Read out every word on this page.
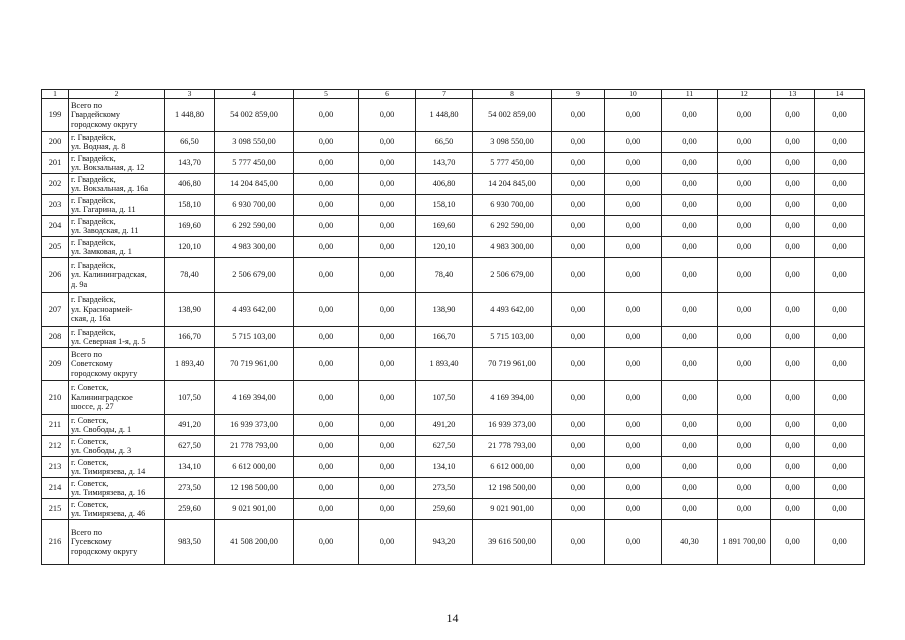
1	2	3	4	5	6	7	8	9	10	11	12	13	14
199	Всего по
Гвардейскому
городскому округу	1 448,80	54 002 859,00	0,00	0,00	1 448,80	54 002 859,00	0,00	0,00	0,00	0,00	0,00	0,00
200	г. Гвардейск,
ул. Водная, д. 8	66,50	3 098 550,00	0,00	0,00	66,50	3 098 550,00	0,00	0,00	0,00	0,00	0,00	0,00
201	г. Гвардейск,
ул. Вокзальная, д. 12	143,70	5 777 450,00	0,00	0,00	143,70	5 777 450,00	0,00	0,00	0,00	0,00	0,00	0,00
202	г. Гвардейск,
ул. Вокзальная, д. 16а	406,80	14 204 845,00	0,00	0,00	406,80	14 204 845,00	0,00	0,00	0,00	0,00	0,00	0,00
203	г. Гвардейск,
ул. Гагарина, д. 11	158,10	6 930 700,00	0,00	0,00	158,10	6 930 700,00	0,00	0,00	0,00	0,00	0,00	0,00
204	г. Гвардейск,
ул. Заводская, д. 11	169,60	6 292 590,00	0,00	0,00	169,60	6 292 590,00	0,00	0,00	0,00	0,00	0,00	0,00
205	г. Гвардейск,
ул. Замковая, д. 1	120,10	4 983 300,00	0,00	0,00	120,10	4 983 300,00	0,00	0,00	0,00	0,00	0,00	0,00
206	г. Гвардейск,
ул. Калининградская,
д. 9а	78,40	2 506 679,00	0,00	0,00	78,40	2 506 679,00	0,00	0,00	0,00	0,00	0,00	0,00
207	г. Гвардейск,
ул. Красноармей-
ская, д. 16а	138,90	4 493 642,00	0,00	0,00	138,90	4 493 642,00	0,00	0,00	0,00	0,00	0,00	0,00
208	г. Гвардейск,
ул. Северная 1-я, д. 5	166,70	5 715 103,00	0,00	0,00	166,70	5 715 103,00	0,00	0,00	0,00	0,00	0,00	0,00
209	Всего по
Советскому
городскому округу	1 893,40	70 719 961,00	0,00	0,00	1 893,40	70 719 961,00	0,00	0,00	0,00	0,00	0,00	0,00
210	г. Советск,
Калининградское
шоссе, д. 27	107,50	4 169 394,00	0,00	0,00	107,50	4 169 394,00	0,00	0,00	0,00	0,00	0,00	0,00
211	г. Советск,
ул. Свободы, д. 1	491,20	16 939 373,00	0,00	0,00	491,20	16 939 373,00	0,00	0,00	0,00	0,00	0,00	0,00
212	г. Советск,
ул. Свободы, д. 3	627,50	21 778 793,00	0,00	0,00	627,50	21 778 793,00	0,00	0,00	0,00	0,00	0,00	0,00
213	г. Советск,
ул. Тимирязева, д. 14	134,10	6 612 000,00	0,00	0,00	134,10	6 612 000,00	0,00	0,00	0,00	0,00	0,00	0,00
214	г. Советск,
ул. Тимирязева, д. 16	273,50	12 198 500,00	0,00	0,00	273,50	12 198 500,00	0,00	0,00	0,00	0,00	0,00	0,00
215	г. Советск,
ул. Тимирязева, д. 46	259,60	9 021 901,00	0,00	0,00	259,60	9 021 901,00	0,00	0,00	0,00	0,00	0,00	0,00
216	Всего по
Гусевскому
городскому округу	983,50	41 508 200,00	0,00	0,00	943,20	39 616 500,00	0,00	0,00	40,30	1 891 700,00	0,00	0,00
14
